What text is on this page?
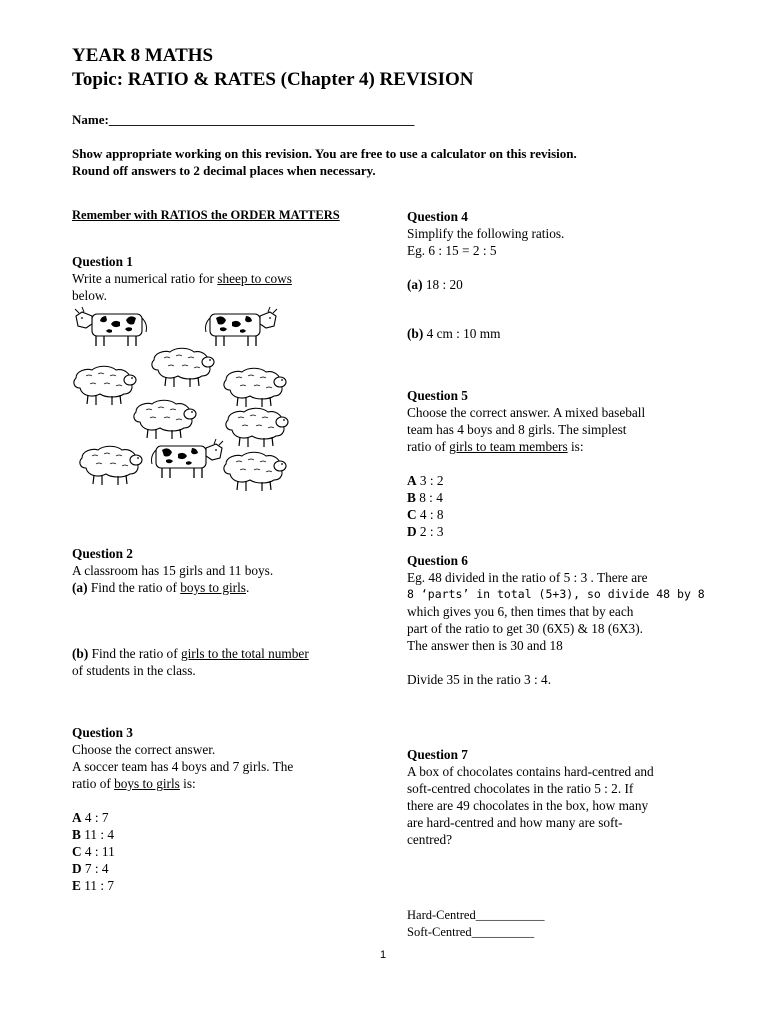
YEAR 8 MATHS
Topic: RATIO & RATES (Chapter 4) REVISION
Name:_______________________________________________

Show appropriate working on this revision. You are free to use a calculator on this revision.

Round off answers to 2 decimal places when necessary.

Remember with RATIOS the ORDER MATTERS

Question 1

Write a numerical ratio for sheep to cows

below.

Question 2

A classroom has 15 girls and 11 boys.

(a) Find the ratio of boys to girls.

(b) Find the ratio of girls to the total number

of students in the class.

Question 3

Choose the correct answer.

A soccer team has 4 boys and 7 girls. The

ratio of boys to girls is:

A 4 : 7

B 11 : 4

C 4 : 11

D 7 : 4

E 11 : 7

Question 4

Simplify the following ratios.

Eg. 6 : 15 = 2 : 5

(a) 18 : 20

(b) 4 cm : 10 mm

Question 5

Choose the correct answer. A mixed baseball

team has 4 boys and 8 girls. The simplest

ratio of girls to team members is:

A 3 : 2

B 8 : 4

C 4 : 8

D 2 : 3

Question 6

Eg. 48 divided in the ratio of 5 : 3 . There are

8 ‘parts’ in total (5+3), so divide 48 by 8

which gives you 6, then times that by each

part of the ratio to get 30 (6X5) & 18 (6X3).

The answer then is 30 and 18

Divide 35 in the ratio 3 : 4.

Question 7

A box of chocolates contains hard-centred and

soft-centred chocolates in the ratio 5 : 2. If

there are 49 chocolates in the box, how many

are hard-centred and how many are soft-

centred?

Hard-Centred___________

Soft-Centred__________

1
